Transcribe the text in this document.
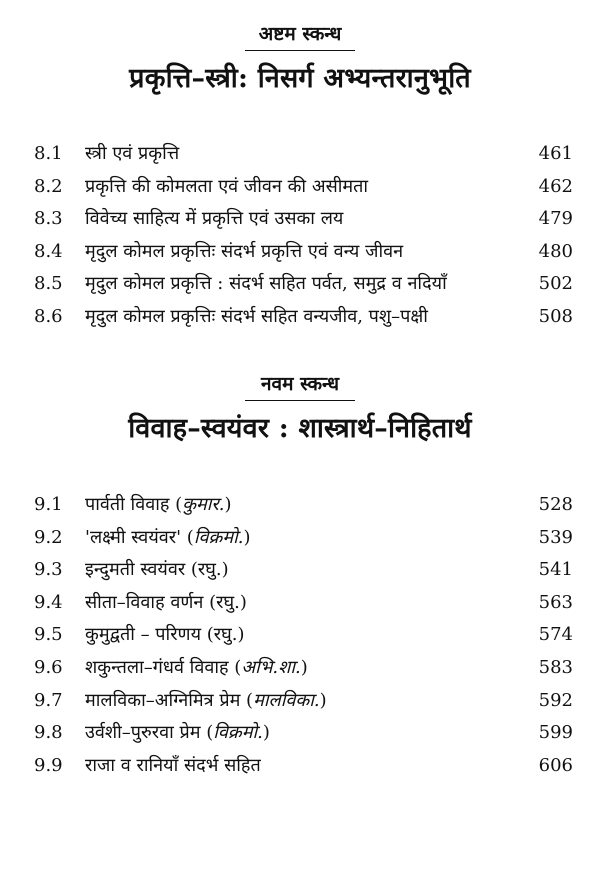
अष्टम स्कन्ध
प्रकृत्ति–स्त्री: निसर्ग अभ्यन्तरानुभूति
8.1 स्त्री एवं प्रकृत्ति	461
8.2 प्रकृत्ति की कोमलता एवं जीवन की असीमता	462
8.3 विवेच्य साहित्य में प्रकृत्ति एवं उसका लय	479
8.4 मृदुल कोमल प्रकृत्तिः संदर्भ प्रकृत्ति एवं वन्य जीवन	480
8.5 मृदुल कोमल प्रकृत्ति : संदर्भ सहित पर्वत, समुद्र व नदियाँ	502
8.6 मृदुल कोमल प्रकृत्तिः संदर्भ सहित वन्यजीव, पशु–पक्षी	508
नवम स्कन्ध
विवाह–स्वयंवर : शास्त्रार्थ–निहितार्थ
9.1 पार्वती विवाह (कुमार.)	528
9.2 'लक्ष्मी स्वयंवर' (विक्रमो.)	539
9.3 इन्दुमती स्वयंवर (रघु.)	541
9.4 सीता–विवाह वर्णन (रघु.)	563
9.5 कुमुद्वती – परिणय (रघु.)	574
9.6 शकुन्तला–गंधर्व विवाह (अभि.शा.)	583
9.7 मालविका–अग्निमित्र प्रेम (मालविका.)	592
9.8 उर्वशी–पुरुरवा प्रेम (विक्रमो.)	599
9.9 राजा व रानियाँ संदर्भ सहित	606
